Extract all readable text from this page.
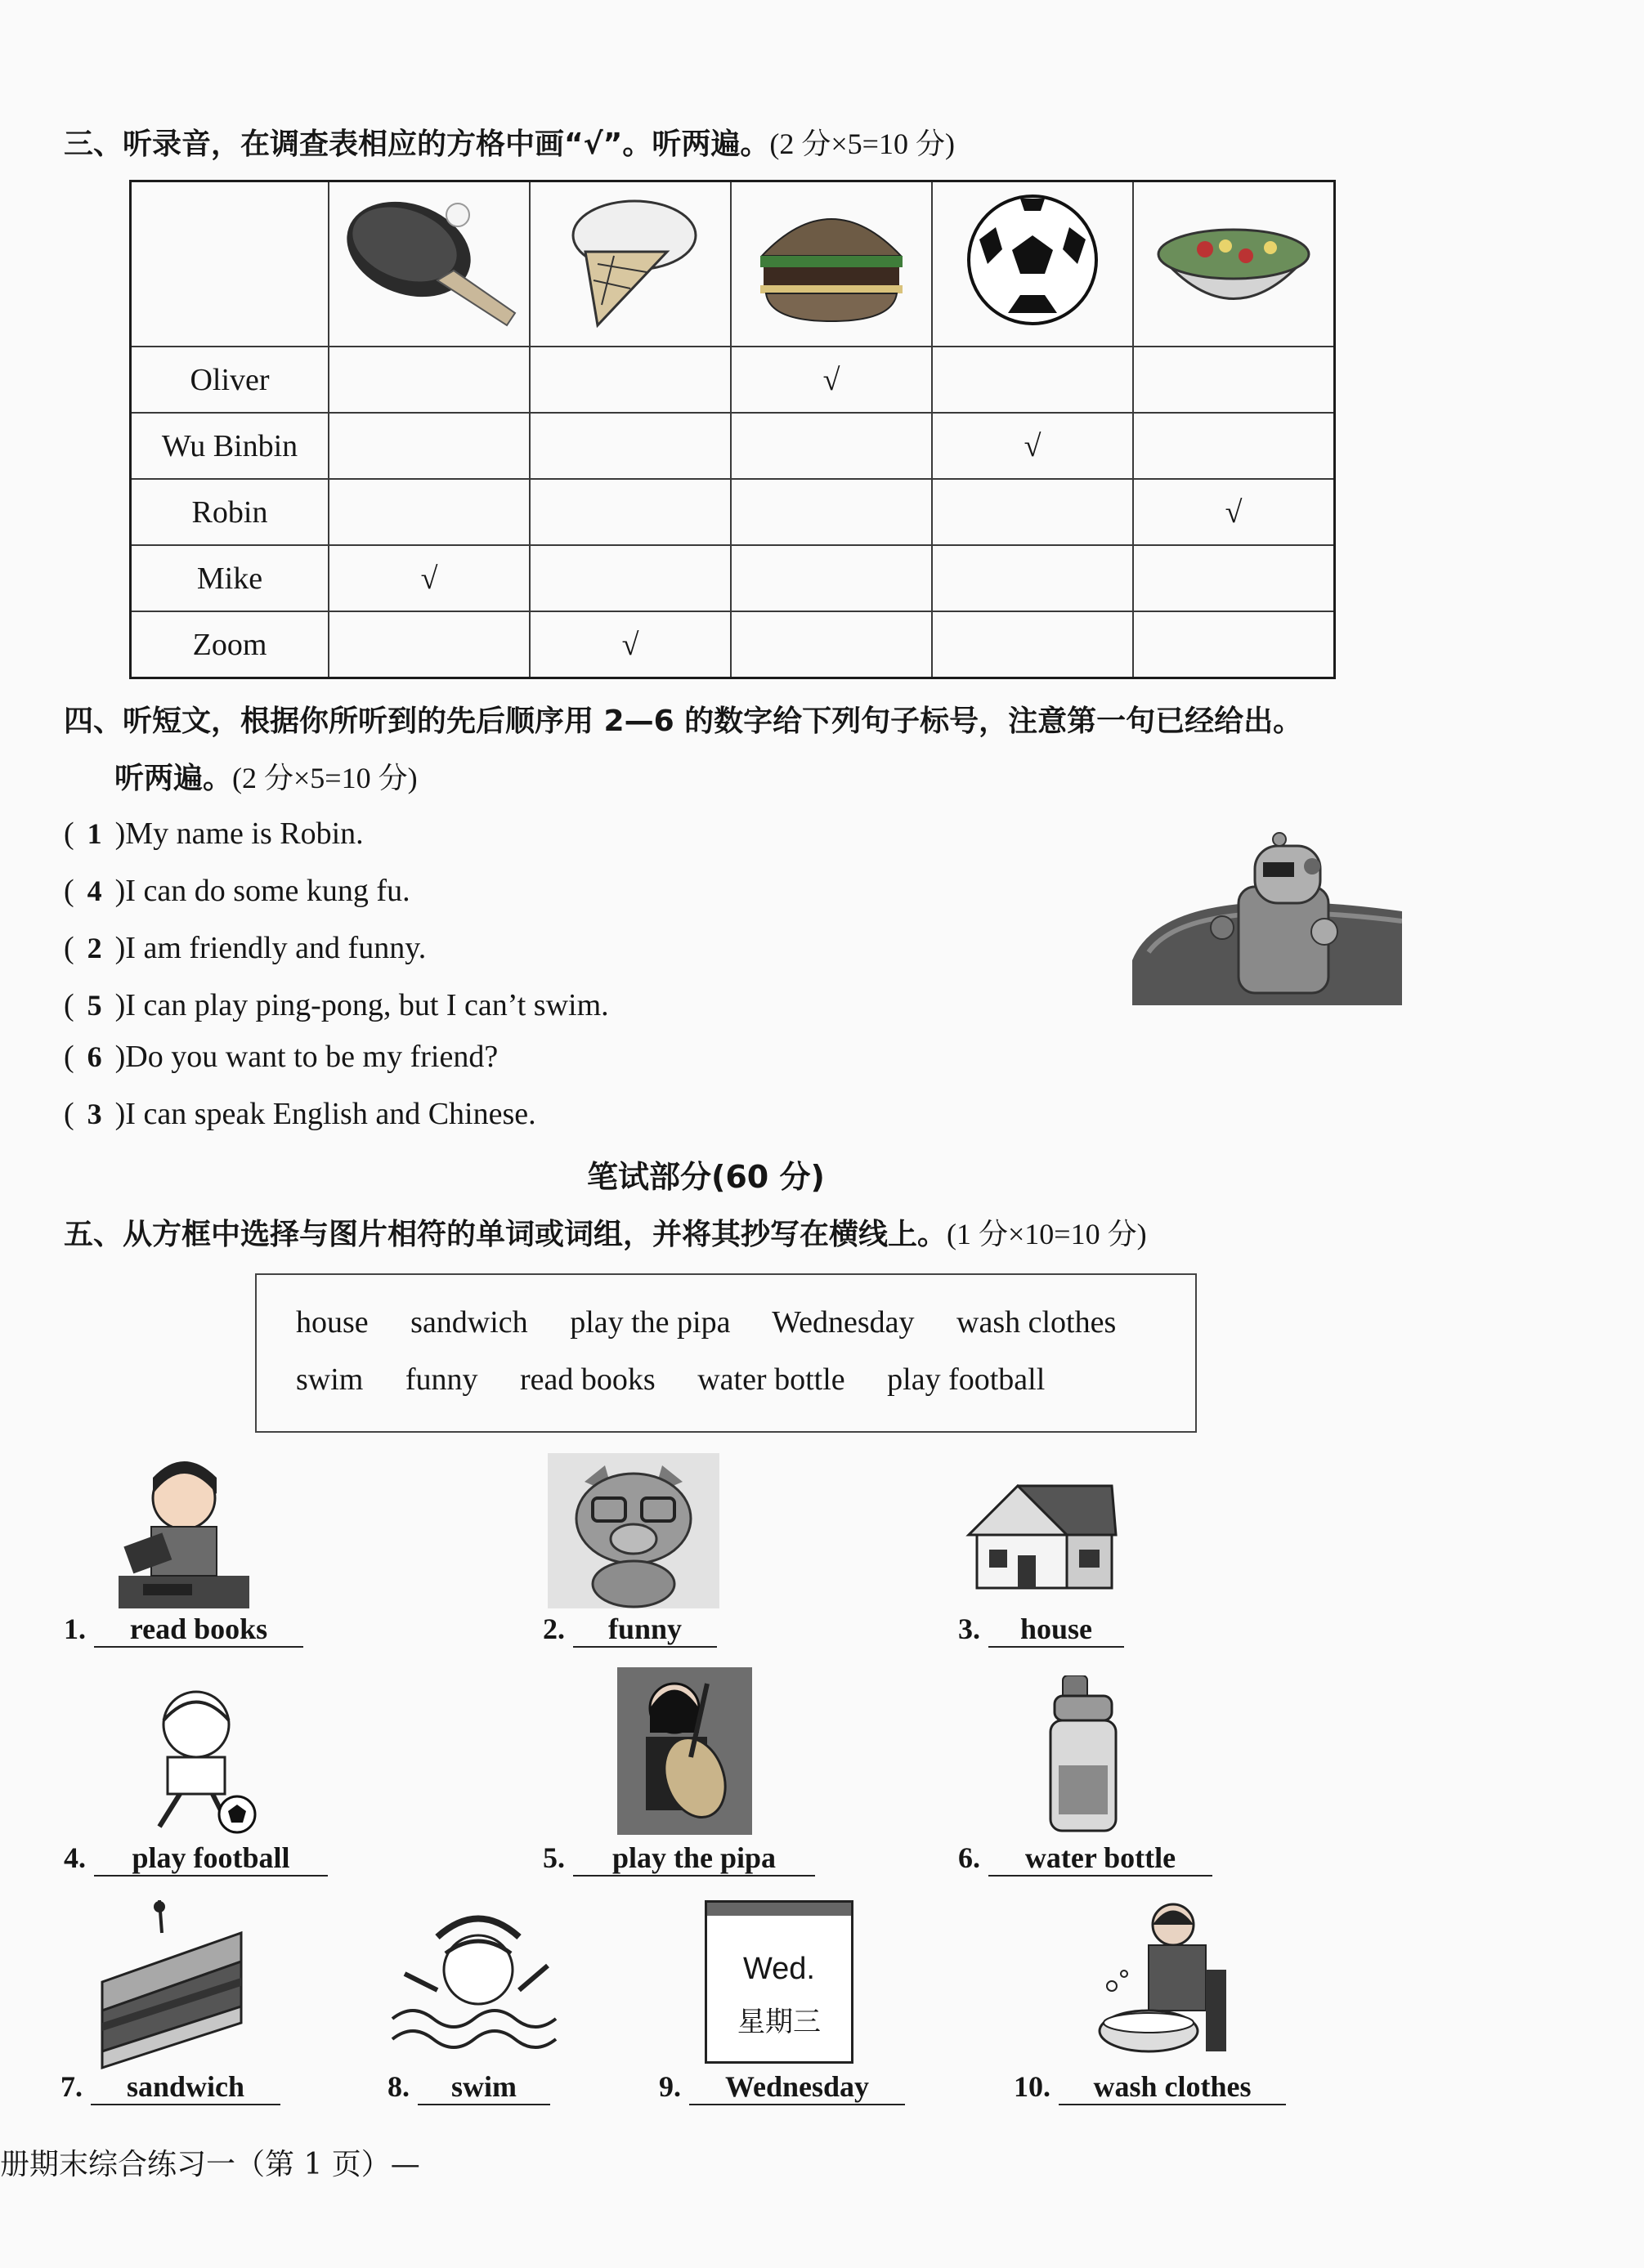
三、听录音，在调查表相应的方格中画“√”。听两遍。(2 分×5=10 分)

Oliver			√		
Wu Binbin				√	
Robin					√
Mike	√				
Zoom		√			
四、听短文，根据你所听到的先后顺序用 2—6 的数字给下列句子标号，注意第一句已经给出。
听两遍。(2 分×5=10 分)
( 1 )My name is Robin.
( 4 )I can do some kung fu.
( 2 )I am friendly and funny.
( 5 )I can play ping-pong, but I can’t swim.
( 6 )Do you want to be my friend?
( 3 )I can speak English and Chinese.
笔试部分(60 分)
五、从方框中选择与图片相符的单词或词组，并将其抄写在横线上。(1 分×10=10 分)
house sandwich play the pipa Wednesday wash clothes
swim funny read books water bottle play football
1. read books	2. funny	3. house
4. play football	5. play the pipa	6. water bottle
Wed.
星期三
7. sandwich	8. swim	9. Wednesday	10. wash clothes
册期末综合练习一（第 1 页）—
